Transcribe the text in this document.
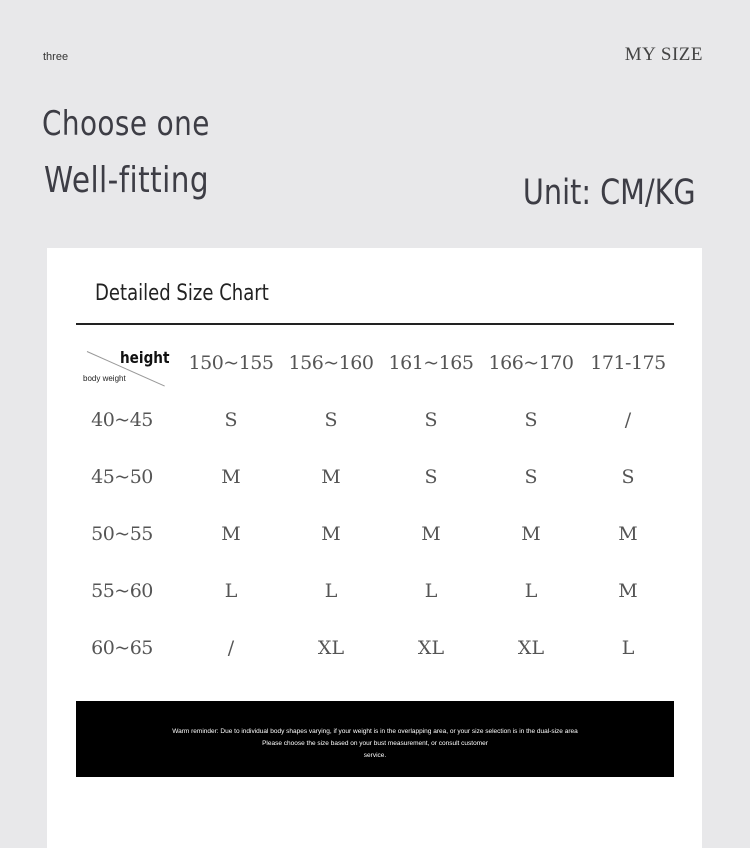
three	MY SIZE
Choose one
Well-fitting	Unit: CM/KG
Detailed Size Chart
height
body weight
150~155 156~160 161~165 166~170 171-175
40~45	S	S	S	S	/
45~50	M	M	S	S	S
50~55	M	M	M	M	M
55~60	L	L	L	L	M
60~65	/	XL	XL	XL	L
Warm reminder: Due to individual body shapes varying, if your weight is in the overlapping area, or your size selection is in the dual-size area
Please choose the size based on your bust measurement, or consult customer
service.
